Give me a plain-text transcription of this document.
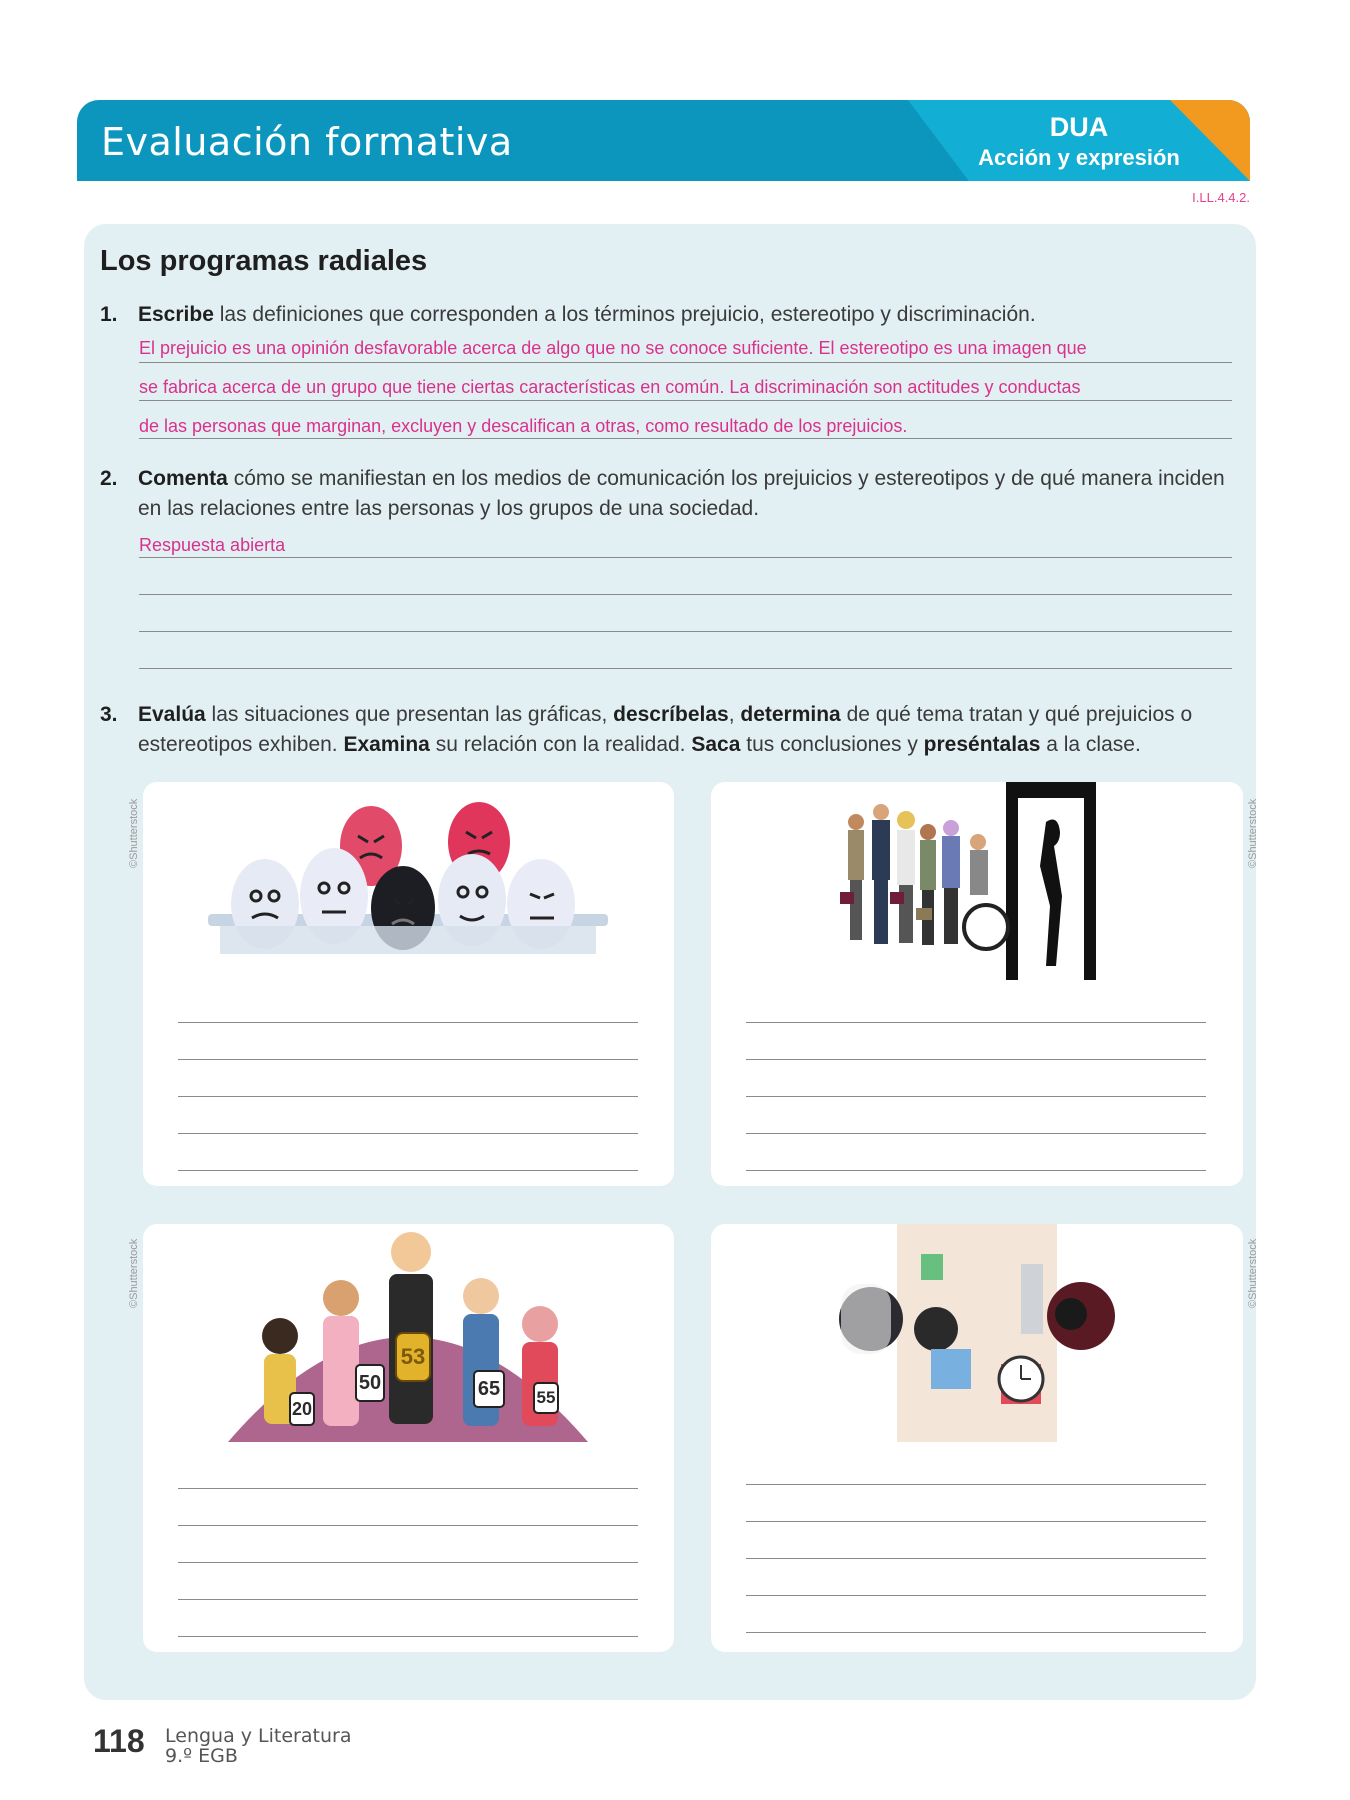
Evaluación formativa	DUA
Acción y expresión
I.LL.4.4.2.
Los programas radiales
1. Escribe las definiciones que corresponden a los términos prejuicio, estereotipo y discriminación.
El prejuicio es una opinión desfavorable acerca de algo que no se conoce suficiente. El estereotipo es una imagen que
se fabrica acerca de un grupo que tiene ciertas características en común. La discriminación son actitudes y conductas
de las personas que marginan, excluyen y descalifican a otras, como resultado de los prejuicios.
2. Comenta cómo se manifiestan en los medios de comunicación los prejuicios y estereotipos y de qué manera inciden en las relaciones entre las personas y los grupos de una sociedad.
Respuesta abierta
3. Evalúa las situaciones que presentan las gráficas, descríbelas, determina de qué tema tratan y qué prejuicios o estereotipos exhiben. Examina su relación con la realidad. Saca tus conclusiones y preséntalas a la clase.
©Shutterstock	©Shutterstock
©Shutterstock	©Shutterstock
20
50
53
65 55
118 Lengua y Literatura
9.º EGB
